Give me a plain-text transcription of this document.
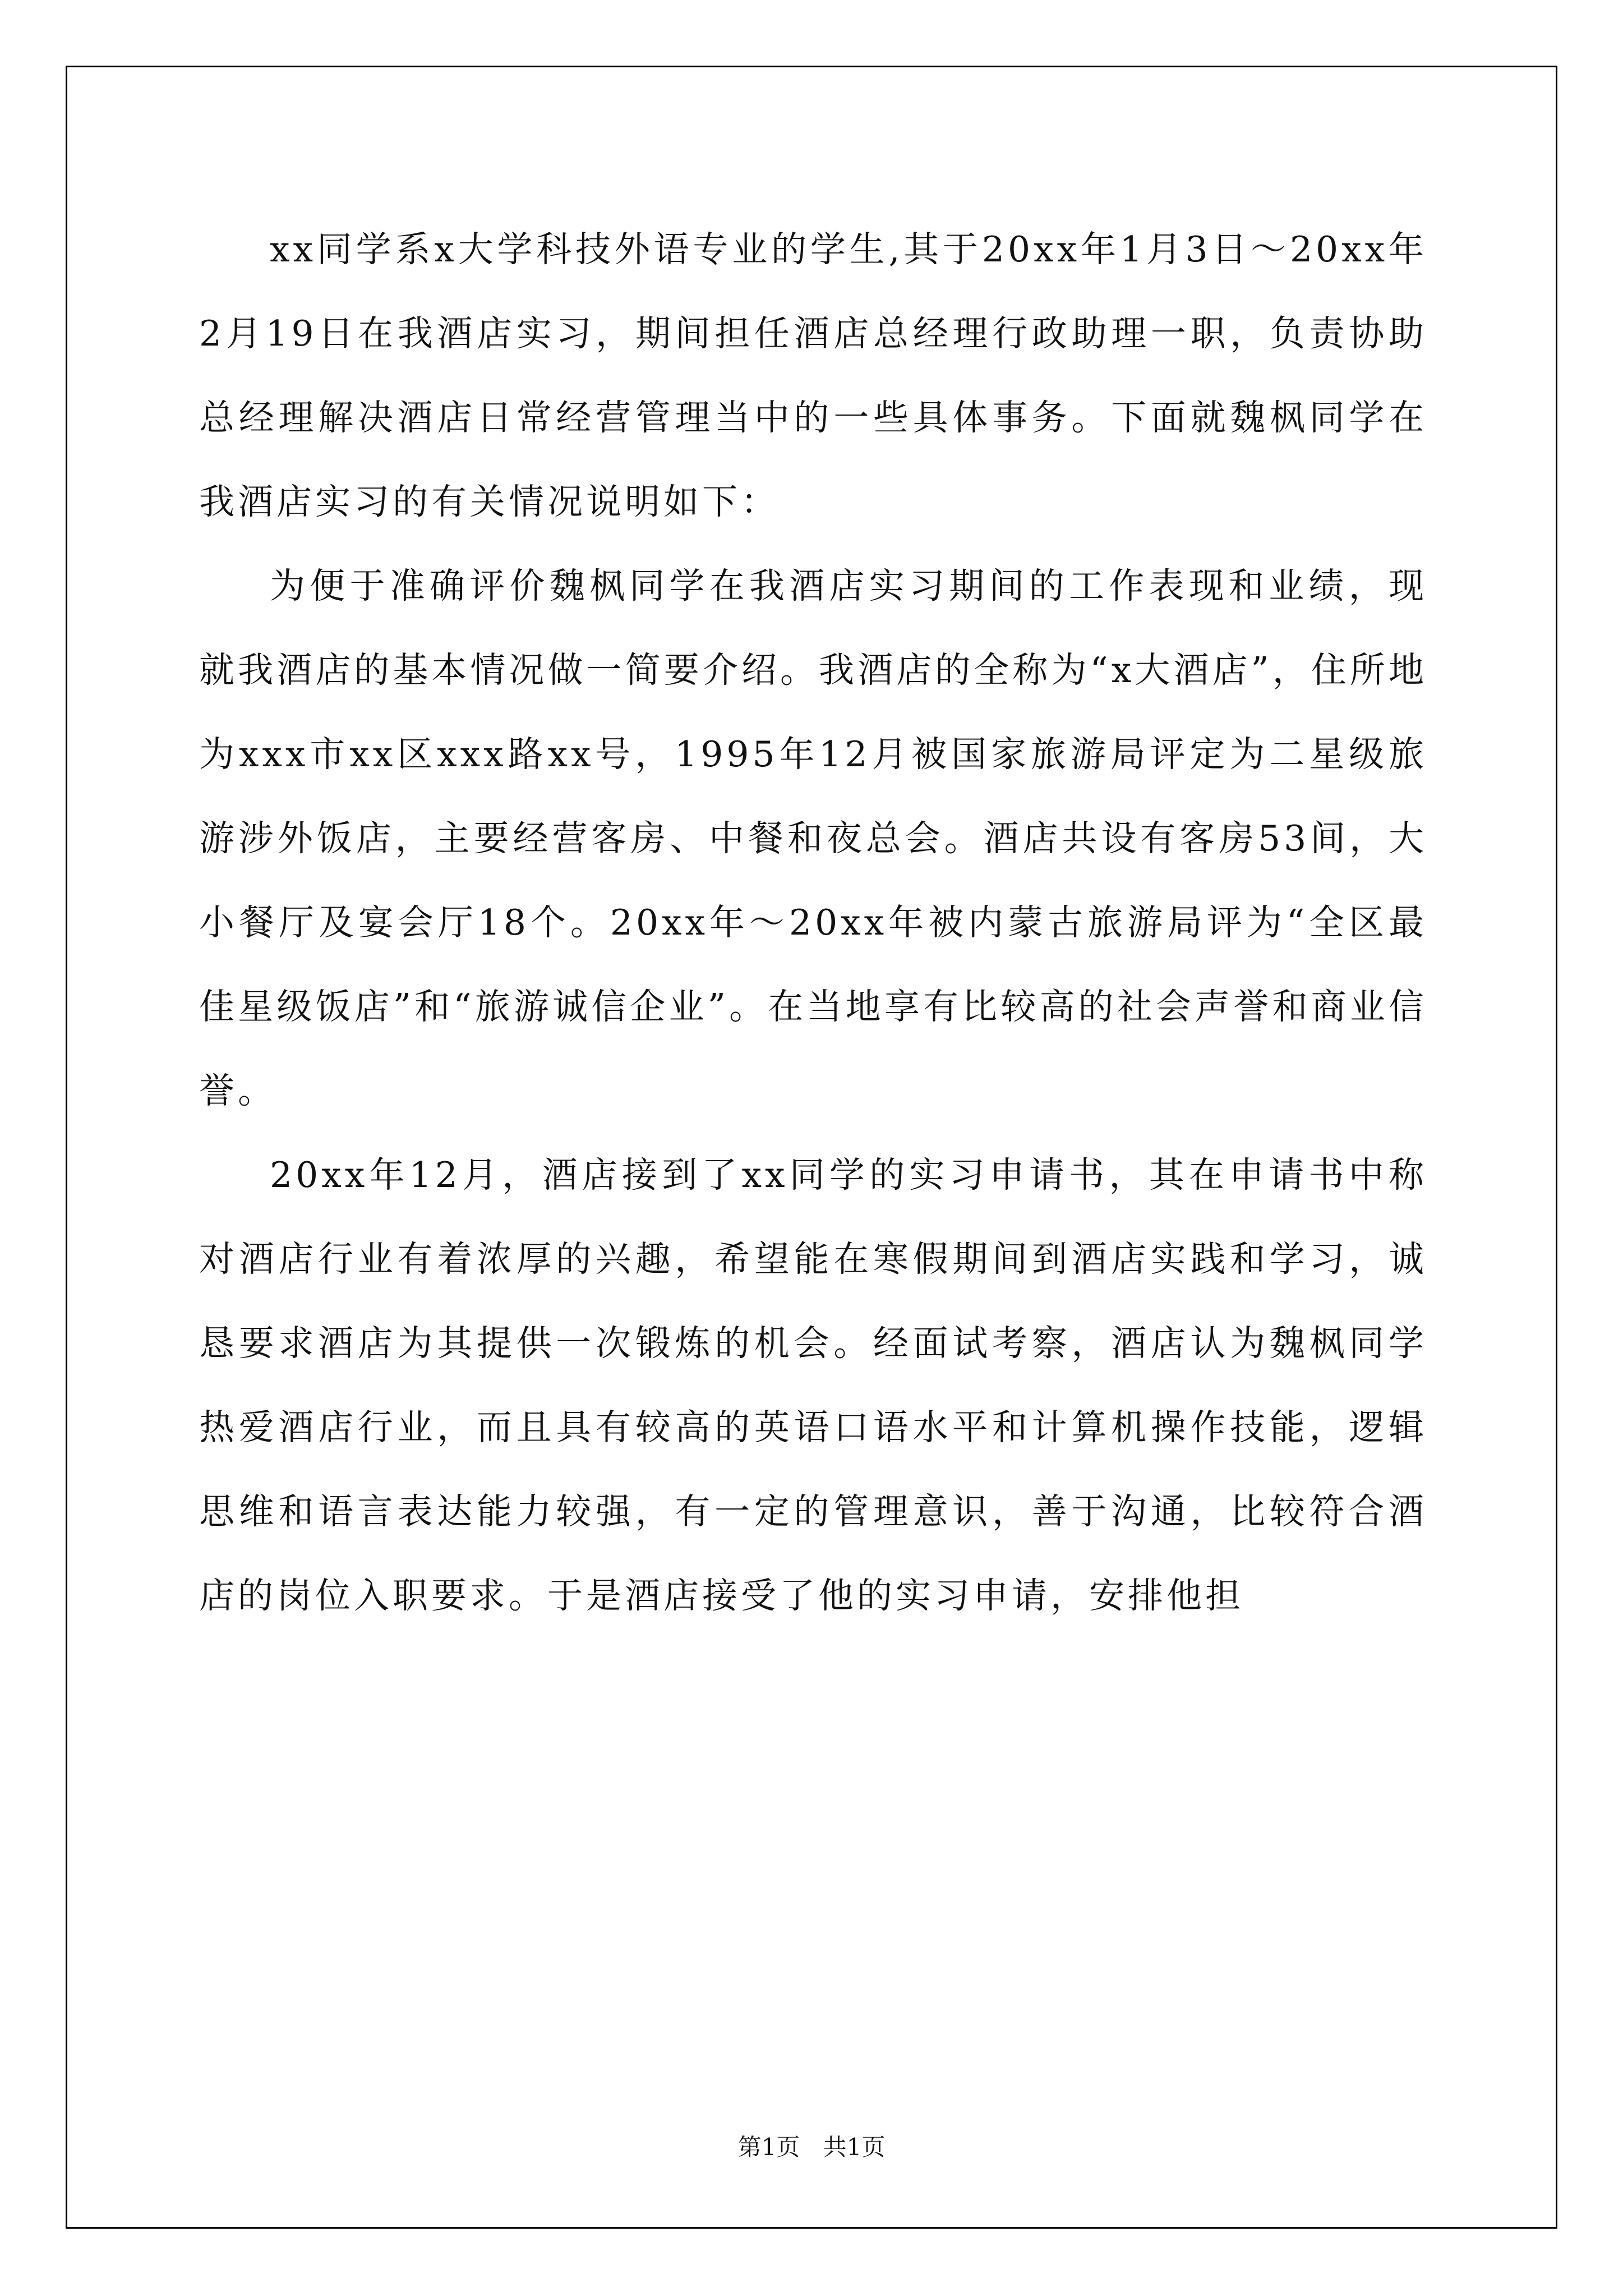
xx同学系x大学科技外语专业的学生,其于20xx年1月3日～20xx年2月19日在我酒店实习，期间担任酒店总经理行政助理一职，负责协助总经理解决酒店日常经营管理当中的一些具体事务。下面就魏枫同学在我酒店实习的有关情况说明如下：

为便于准确评价魏枫同学在我酒店实习期间的工作表现和业绩，现就我酒店的基本情况做一简要介绍。我酒店的全称为“x大酒店”，住所地为xxx市xx区xxx路xx号，1995年12月被国家旅游局评定为二星级旅游涉外饭店，主要经营客房、中餐和夜总会。酒店共设有客房53间，大小餐厅及宴会厅18个。20xx年～20xx年被内蒙古旅游局评为“全区最佳星级饭店”和“旅游诚信企业”。在当地享有比较高的社会声誉和商业信誉。

20xx年12月，酒店接到了xx同学的实习申请书，其在申请书中称对酒店行业有着浓厚的兴趣，希望能在寒假期间到酒店实践和学习，诚恳要求酒店为其提供一次锻炼的机会。经面试考察，酒店认为魏枫同学热爱酒店行业，而且具有较高的英语口语水平和计算机操作技能，逻辑思维和语言表达能力较强，有一定的管理意识，善于沟通，比较符合酒店的岗位入职要求。于是酒店接受了他的实习申请，安排他担

第1页 共1页
